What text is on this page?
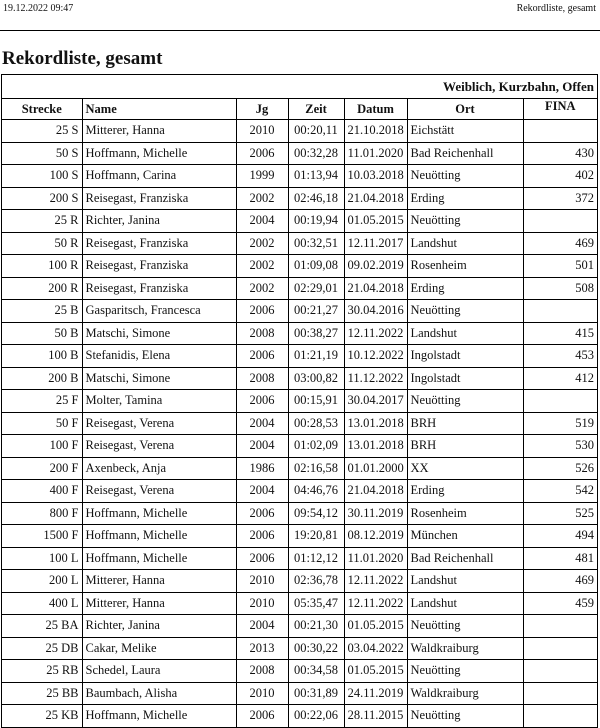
19.12.2022 09:47	Rekordliste, gesamt
Rekordliste, gesamt
Weiblich, Kurzbahn, Offen
Strecke	Name	Jg	Zeit	Datum	Ort	FINA
25 S	Mitterer, Hanna	2010	00:20,11	21.10.2018	Eichstätt	
50 S	Hoffmann, Michelle	2006	00:32,28	11.01.2020	Bad Reichenhall	430
100 S	Hoffmann, Carina	1999	01:13,94	10.03.2018	Neuötting	402
200 S	Reisegast, Franziska	2002	02:46,18	21.04.2018	Erding	372
25 R	Richter, Janina	2004	00:19,94	01.05.2015	Neuötting	
50 R	Reisegast, Franziska	2002	00:32,51	12.11.2017	Landshut	469
100 R	Reisegast, Franziska	2002	01:09,08	09.02.2019	Rosenheim	501
200 R	Reisegast, Franziska	2002	02:29,01	21.04.2018	Erding	508
25 B	Gasparitsch, Francesca	2006	00:21,27	30.04.2016	Neuötting	
50 B	Matschi, Simone	2008	00:38,27	12.11.2022	Landshut	415
100 B	Stefanidis, Elena	2006	01:21,19	10.12.2022	Ingolstadt	453
200 B	Matschi, Simone	2008	03:00,82	11.12.2022	Ingolstadt	412
25 F	Molter, Tamina	2006	00:15,91	30.04.2017	Neuötting	
50 F	Reisegast, Verena	2004	00:28,53	13.01.2018	BRH	519
100 F	Reisegast, Verena	2004	01:02,09	13.01.2018	BRH	530
200 F	Axenbeck, Anja	1986	02:16,58	01.01.2000	XX	526
400 F	Reisegast, Verena	2004	04:46,76	21.04.2018	Erding	542
800 F	Hoffmann, Michelle	2006	09:54,12	30.11.2019	Rosenheim	525
1500 F	Hoffmann, Michelle	2006	19:20,81	08.12.2019	München	494
100 L	Hoffmann, Michelle	2006	01:12,12	11.01.2020	Bad Reichenhall	481
200 L	Mitterer, Hanna	2010	02:36,78	12.11.2022	Landshut	469
400 L	Mitterer, Hanna	2010	05:35,47	12.11.2022	Landshut	459
25 BA	Richter, Janina	2004	00:21,30	01.05.2015	Neuötting	
25 DB	Cakar, Melike	2013	00:30,22	03.04.2022	Waldkraiburg	
25 RB	Schedel, Laura	2008	00:34,58	01.05.2015	Neuötting	
25 BB	Baumbach, Alisha	2010	00:31,89	24.11.2019	Waldkraiburg	
25 KB	Hoffmann, Michelle	2006	00:22,06	28.11.2015	Neuötting	
